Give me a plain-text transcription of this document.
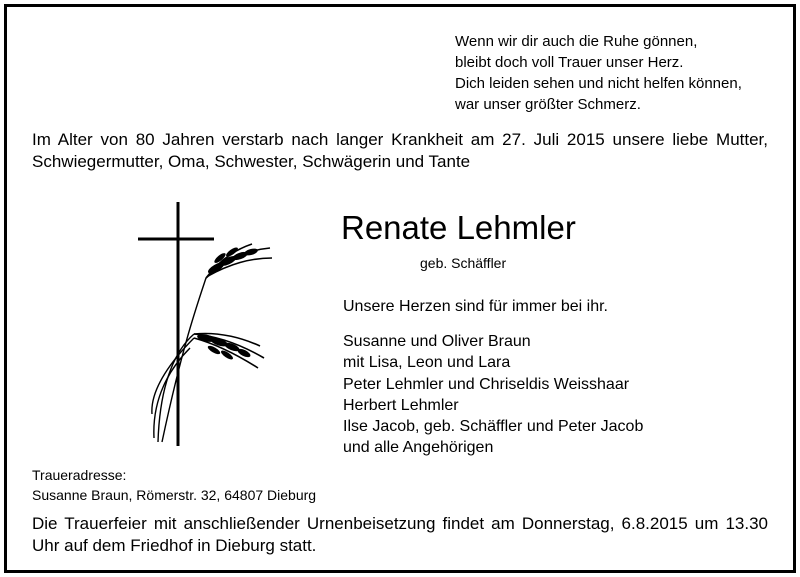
Wenn wir dir auch die Ruhe gönnen,
bleibt doch voll Trauer unser Herz.
Dich leiden sehen und nicht helfen können,
war unser größter Schmerz.
Im Alter von 80 Jahren verstarb nach langer Krankheit am 27. Juli 2015 unsere liebe Mutter, Schwiegermutter, Oma, Schwester, Schwägerin und Tante
Renate Lehmler
geb. Schäffler
Unsere Herzen sind für immer bei ihr.
Susanne und Oliver Braun
mit Lisa, Leon und Lara
Peter Lehmler und Chriseldis Weisshaar
Herbert Lehmler
Ilse Jacob, geb. Schäffler und Peter Jacob
und alle Angehörigen
Traueradresse:
Susanne Braun, Römerstr. 32, 64807 Dieburg
Die Trauerfeier mit anschließender Urnenbeisetzung findet am Donnerstag, 6.8.2015 um 13.30 Uhr auf dem Friedhof in Dieburg statt.
